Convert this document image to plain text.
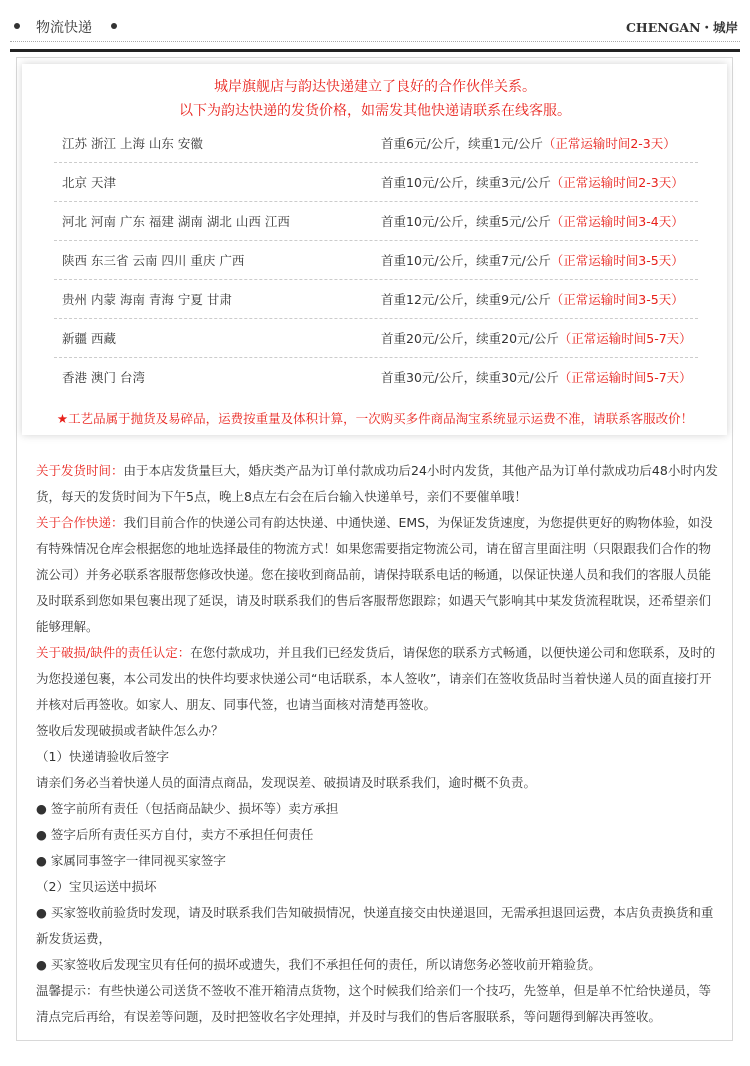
物流快递	CHENGAN・城岸
城岸旗舰店与韵达快递建立了良好的合作伙伴关系。
以下为韵达快递的发货价格，如需发其他快递请联系在线客服。
江苏 浙江 上海 山东 安徽	首重6元/公斤，续重1元/公斤（正常运输时间2-3天）
北京 天津	首重10元/公斤，续重3元/公斤（正常运输时间2-3天）
河北 河南 广东 福建 湖南 湖北 山西 江西	首重10元/公斤，续重5元/公斤（正常运输时间3-4天）
陕西 东三省 云南 四川 重庆 广西	首重10元/公斤，续重7元/公斤（正常运输时间3-5天）
贵州 内蒙 海南 青海 宁夏 甘肃	首重12元/公斤，续重9元/公斤（正常运输时间3-5天）
新疆 西藏	首重20元/公斤，续重20元/公斤（正常运输时间5-7天）
香港 澳门 台湾	首重30元/公斤，续重30元/公斤（正常运输时间5-7天）
★工艺品属于抛货及易碎品，运费按重量及体积计算，一次购买多件商品淘宝系统显示运费不准，请联系客服改价！

关于发货时间：由于本店发货量巨大，婚庆类产品为订单付款成功后24小时内发货，其他产品为订单付款成功后48小时内发货，每天的发货时间为下午5点，晚上8点左右会在后台输入快递单号，亲们不要催单哦！

关于合作快递：我们目前合作的快递公司有韵达快递、中通快递、EMS，为保证发货速度，为您提供更好的购物体验，如没有特殊情况仓库会根据您的地址选择最佳的物流方式！如果您需要指定物流公司，请在留言里面注明（只限跟我们合作的物流公司）并务必联系客服帮您修改快递。您在接收到商品前，请保持联系电话的畅通，以保证快递人员和我们的客服人员能及时联系到您如果包裹出现了延误，请及时联系我们的售后客服帮您跟踪；如遇天气影响其中某发货流程耽误，还希望亲们能够理解。

关于破损/缺件的责任认定：在您付款成功，并且我们已经发货后，请保您的联系方式畅通，以便快递公司和您联系，及时的为您投递包裹，本公司发出的快件均要求快递公司“电话联系，本人签收”，请亲们在签收货品时当着快递人员的面直接打开并核对后再签收。如家人、朋友、同事代签，也请当面核对清楚再签收。

签收后发现破损或者缺件怎么办？

（1）快递请验收后签字

请亲们务必当着快递人员的面清点商品，发现误差、破损请及时联系我们，逾时概不负责。

● 签字前所有责任（包括商品缺少、损坏等）卖方承担

● 签字后所有责任买方自付，卖方不承担任何责任

● 家属同事签字一律同视买家签字

（2）宝贝运送中损坏

● 买家签收前验货时发现，请及时联系我们告知破损情况，快递直接交由快递退回，无需承担退回运费，本店负责换货和重新发货运费，

● 买家签收后发现宝贝有任何的损坏或遗失，我们不承担任何的责任，所以请您务必签收前开箱验货。

温馨提示：有些快递公司送货不签收不准开箱清点货物，这个时候我们给亲们一个技巧，先签单，但是单不忙给快递员，等清点完后再给，有误差等问题，及时把签收名字处理掉，并及时与我们的售后客服联系，等问题得到解决再签收。
